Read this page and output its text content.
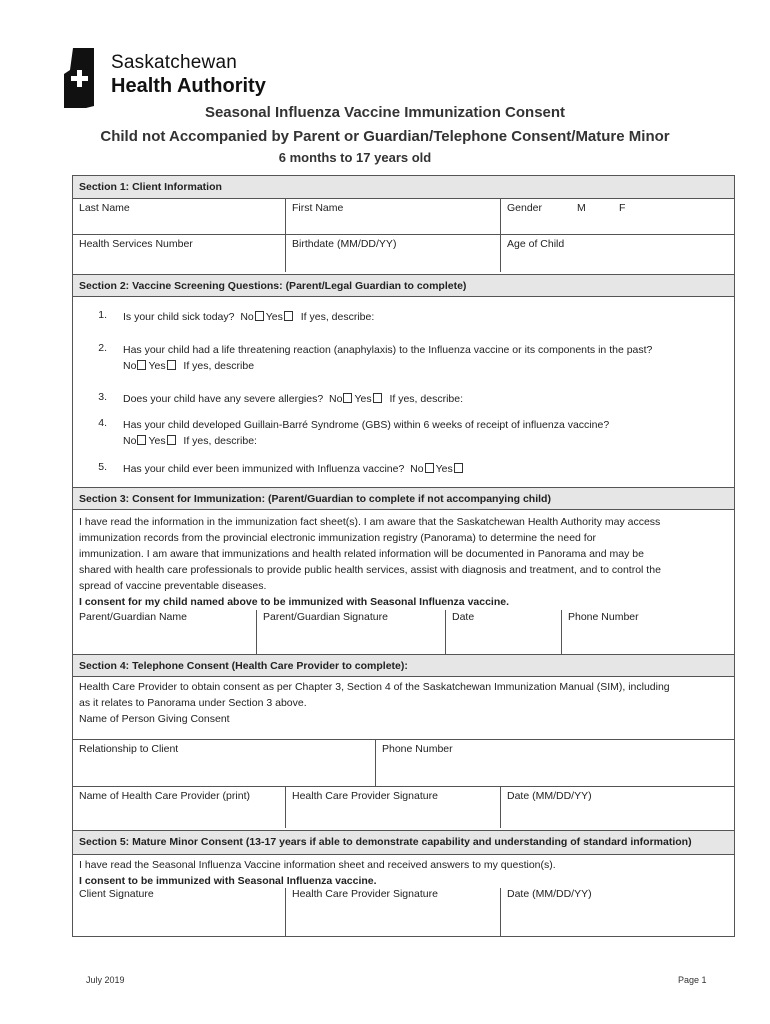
Saskatchewan
Health Authority
Seasonal Influenza Vaccine Immunization Consent
Child not Accompanied by Parent or Guardian/Telephone Consent/Mature Minor
6 months to 17 years old
Section 1: Client Information
Last Name	First Name	Gender	M	F
Health Services Number	Birthdate (MM/DD/YY)	Age of Child
Section 2: Vaccine Screening Questions: (Parent/Legal Guardian to complete)
1. Is your child sick today? No Yes If yes, describe:
2. Has your child had a life threatening reaction (anaphylaxis) to the Influenza vaccine or its components in the past?
No Yes If yes, describe
3. Does your child have any severe allergies? No Yes If yes, describe:
4. Has your child developed Guillain-Barré Syndrome (GBS) within 6 weeks of receipt of influenza vaccine?
No Yes If yes, describe:
5. Has your child ever been immunized with Influenza vaccine? No Yes
Section 3: Consent for Immunization: (Parent/Guardian to complete if not accompanying child)
I have read the information in the immunization fact sheet(s). I am aware that the Saskatchewan Health Authority may access
immunization records from the provincial electronic immunization registry (Panorama) to determine the need for
immunization. I am aware that immunizations and health related information will be documented in Panorama and may be
shared with health care professionals to provide public health services, assist with diagnosis and treatment, and to control the
spread of vaccine preventable diseases.
I consent for my child named above to be immunized with Seasonal Influenza vaccine.
Parent/Guardian Name	Parent/Guardian Signature	Date	Phone Number
Section 4: Telephone Consent (Health Care Provider to complete):
Health Care Provider to obtain consent as per Chapter 3, Section 4 of the Saskatchewan Immunization Manual (SIM), including
as it relates to Panorama under Section 3 above.
Name of Person Giving Consent
Relationship to Client	Phone Number
Name of Health Care Provider (print)	Health Care Provider Signature	Date (MM/DD/YY)
Section 5: Mature Minor Consent (13-17 years if able to demonstrate capability and understanding of standard information)
I have read the Seasonal Influenza Vaccine information sheet and received answers to my question(s).
I consent to be immunized with Seasonal Influenza vaccine.
Client Signature	Health Care Provider Signature	Date (MM/DD/YY)
July 2019	Page 1
